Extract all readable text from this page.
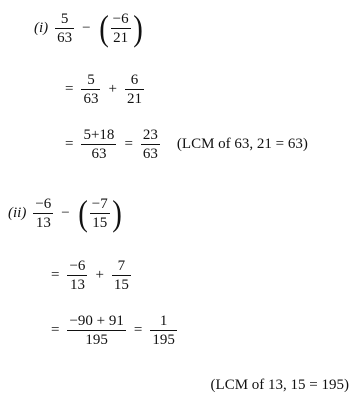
$(i) \frac{5}{63}$ − ( $\frac{-6}{21}$ )
= $\frac{5}{63} + \frac{6}{21}$
= $\frac{5+18}{63} = \frac{23}{63} (LCM$ of 63, 21 = 63)
$(ii) \frac{-6}{13}$ − ( $\frac{-7}{15}$ )
= $\frac{-6}{13} + \frac{7}{15}$
= $\frac{-90 + 91}{195} = \frac{1}{195}$
(LCM of 13, 15 = 195)
